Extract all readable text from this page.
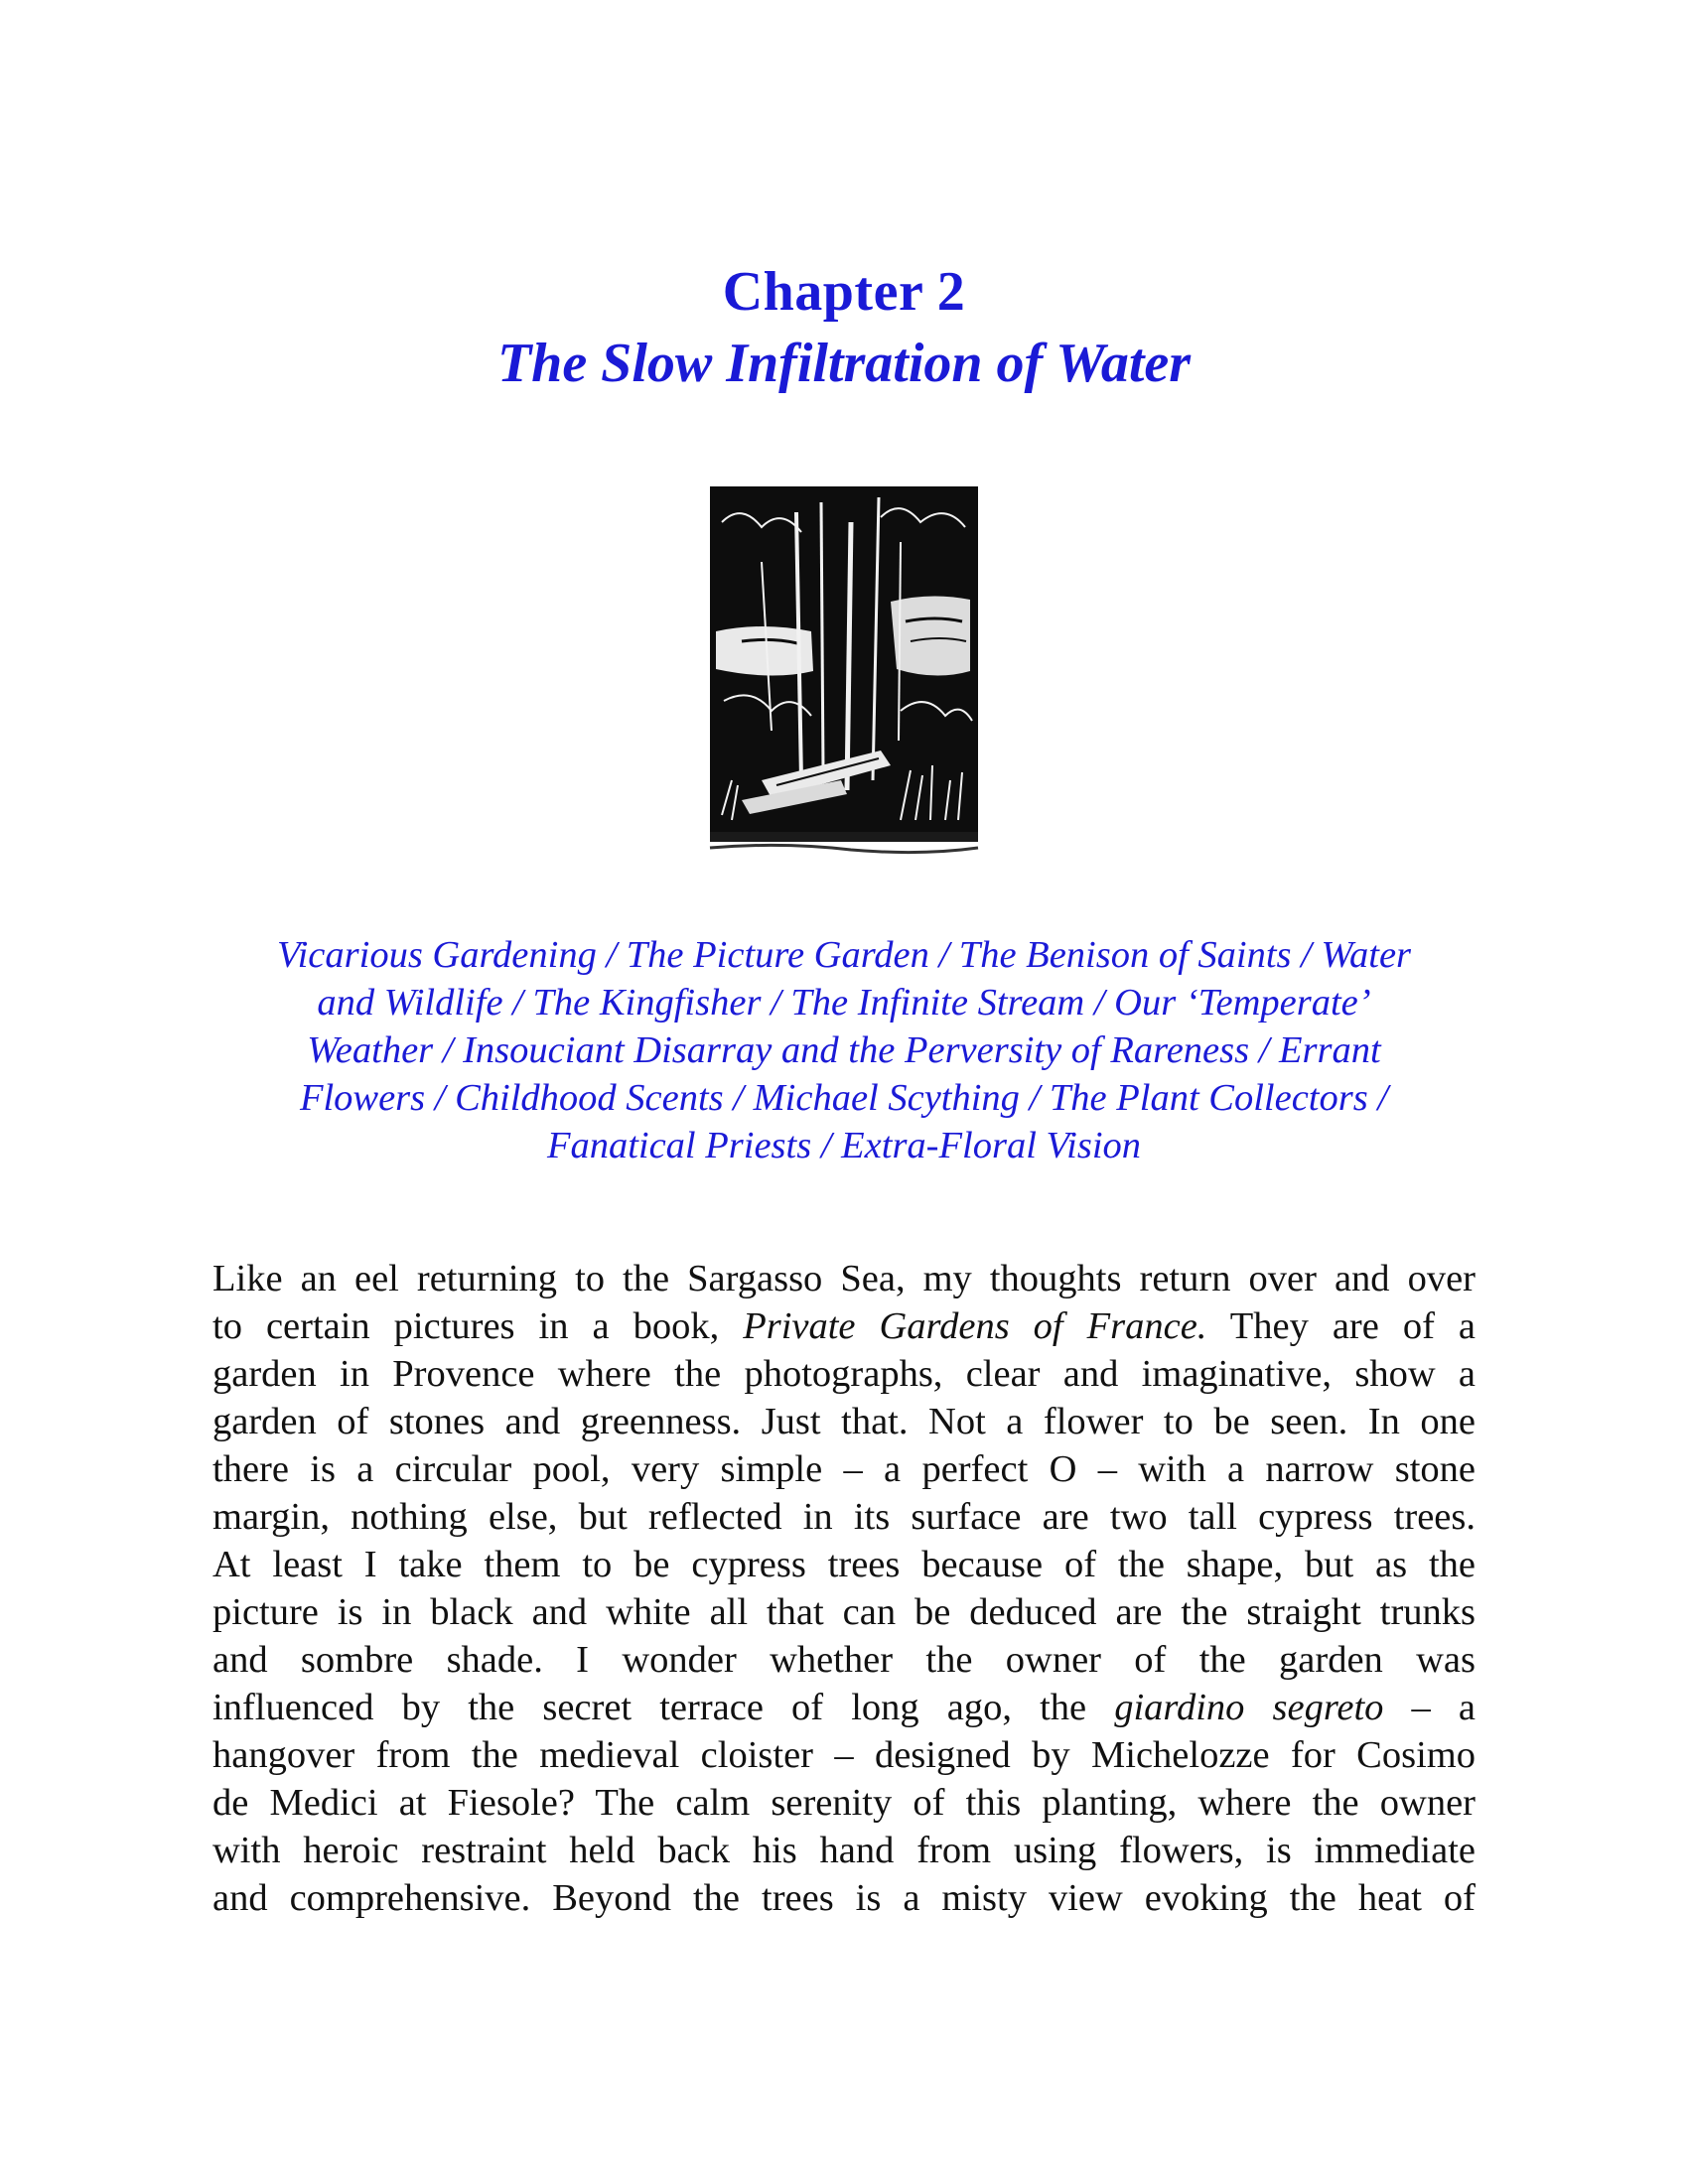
Chapter 2
The Slow Infiltration of Water
Vicarious Gardening / The Picture Garden / The Benison of Saints / Water
and Wildlife / The Kingfisher / The Infinite Stream / Our ‘Temperate’
Weather / Insouciant Disarray and the Perversity of Rareness / Errant
Flowers / Childhood Scents / Michael Scything / The Plant Collectors /
Fanatical Priests / Extra-Floral Vision
Like an eel returning to the Sargasso Sea, my thoughts return over and over
to certain pictures in a book, Private Gardens of France. They are of a
garden in Provence where the photographs, clear and imaginative, show a
garden of stones and greenness. Just that. Not a flower to be seen. In one
there is a circular pool, very simple – a perfect O – with a narrow stone
margin, nothing else, but reflected in its surface are two tall cypress trees.
At least I take them to be cypress trees because of the shape, but as the
picture is in black and white all that can be deduced are the straight trunks
and sombre shade. I wonder whether the owner of the garden was
influenced by the secret terrace of long ago, the giardino segreto – a
hangover from the medieval cloister – designed by Michelozze for Cosimo
de Medici at Fiesole? The calm serenity of this planting, where the owner
with heroic restraint held back his hand from using flowers, is immediate
and comprehensive. Beyond the trees is a misty view evoking the heat of
